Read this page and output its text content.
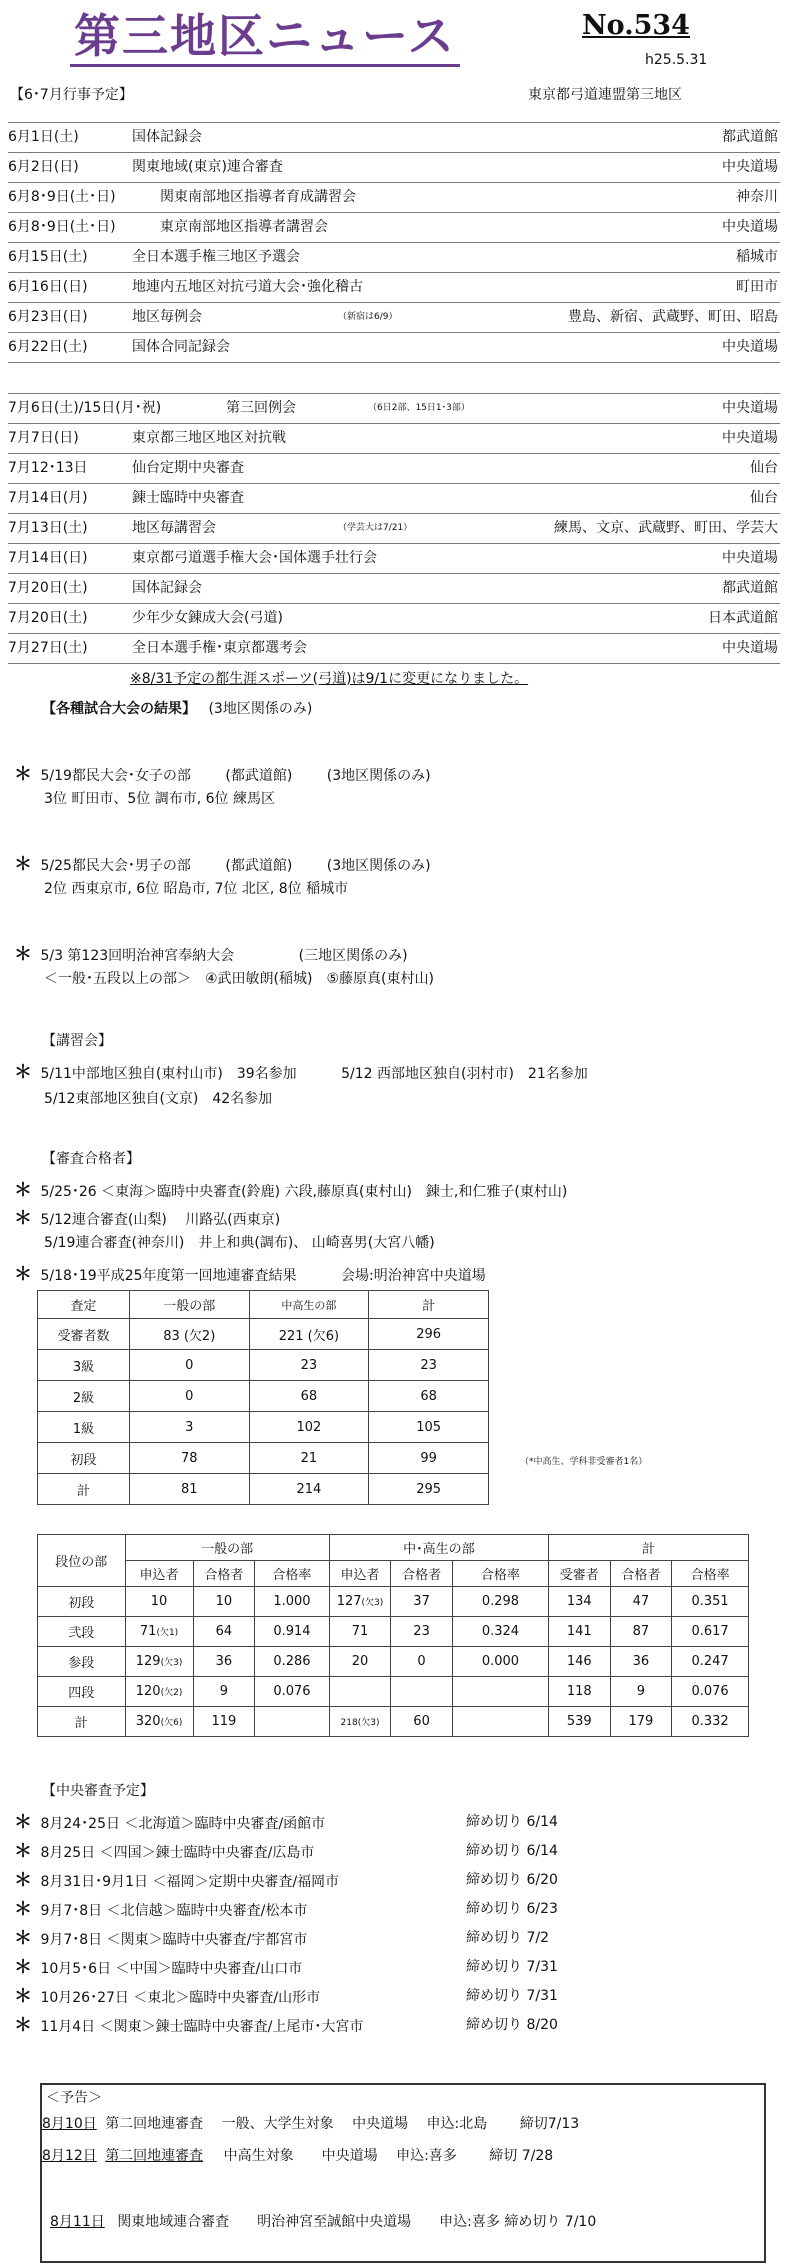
第三地区ニュース	No.534
h25.5.31
【6･7月行事予定】	東京都弓道連盟第三地区
6月1日(土)	国体記録会	都武道館
6月2日(日)	関東地域(東京)連合審査	中央道場
6月8･9日(土･日)	関東南部地区指導者育成講習会	神奈川
6月8･9日(土･日)	東京南部地区指導者講習会	中央道場
6月15日(土)	全日本選手権三地区予選会	稲城市
6月16日(日)	地連内五地区対抗弓道大会･強化稽古	町田市
6月23日(日)	地区毎例会	（新宿は6/9）	豊島、新宿、武蔵野、町田、昭島
6月22日(土)	国体合同記録会	中央道場
7月6日(土)/15日(月･祝)	第三回例会	（6日2部、15日1･3部）	中央道場
7月7日(日)	東京都三地区地区対抗戦	中央道場
7月12･13日	仙台定期中央審査	仙台
7月14日(月)	錬士臨時中央審査	仙台
7月13日(土)	地区毎講習会	（学芸大は7/21）	練馬、文京、武蔵野、町田、学芸大
7月14日(日)	東京都弓道選手権大会･国体選手壮行会	中央道場
7月20日(土)	国体記録会	都武道館
7月20日(土)	少年少女錬成大会(弓道)	日本武道館
7月27日(土)	全日本選手権･東京都選考会	中央道場
※8/31予定の都生涯スポーツ(弓道)は9/1に変更になりました。
【各種試合大会の結果】 (3地区関係のみ)
＊ 5/19都民大会･女子の部 (都武道館) (3地区関係のみ)
3位 町田市、5位 調布市, 6位 練馬区
＊ 5/25都民大会･男子の部 (都武道館) (3地区関係のみ)
2位 西東京市, 6位 昭島市, 7位 北区, 8位 稲城市
＊ 5/3 第123回明治神宮奉納大会	(三地区関係のみ)
＜一般･五段以上の部＞　④武田敏朗(稲城)　⑤藤原真(東村山)
【講習会】
＊ 5/11中部地区独自(東村山市)　39名参加	5/12 西部地区独自(羽村市)　21名参加
5/12東部地区独自(文京)　42名参加
【審査合格者】
＊ 5/25･26 ＜東海＞臨時中央審査(鈴鹿) 六段,藤原真(東村山)　錬士,和仁雅子(東村山)
＊ 5/12連合審査(山梨)　 川路弘(西東京)
5/19連合審査(神奈川)　井上和典(調布)、 山崎喜男(大宮八幡)
＊ 5/18･19平成25年度第一回地連審査結果	会場:明治神宮中央道場
査定	一般の部	中高生の部	計
受審者数	83 (欠2)	221 (欠6)	296
3級	0	23	23
2級	0	68	68
1級	3	102	105
初段	78	21	99
計	81	214	295
（*中高生、学科非受審者1名）
段位の部	一般の部			中･高生の部			計		
	申込者	合格者	合格率	申込者	合格者	合格率	受審者	合格者	合格率
初段	10	10	1.000	127(欠3)	37	0.298	134	47	0.351
弐段	71(欠1)	64	0.914	71	23	0.324	141	87	0.617
参段	129(欠3)	36	0.286	20	0	0.000	146	36	0.247
四段	120(欠2)	9	0.076				118	9	0.076
計	320(欠6)	119		218(欠3)	60		539	179	0.332
【中央審査予定】
＊ 8月24･25日 ＜北海道＞臨時中央審査/函館市	締め切り 6/14
＊ 8月25日 ＜四国＞錬士臨時中央審査/広島市	締め切り 6/14
＊ 8月31日･9月1日 ＜福岡＞定期中央審査/福岡市	締め切り 6/20
＊ 9月7･8日 ＜北信越＞臨時中央審査/松本市	締め切り 6/23
＊ 9月7･8日 ＜関東＞臨時中央審査/宇都宮市	締め切り 7/2
＊ 10月5･6日 ＜中国＞臨時中央審査/山口市	締め切り 7/31
＊ 10月26･27日 ＜東北＞臨時中央審査/山形市	締め切り 7/31
＊ 11月4日 ＜関東＞錬士臨時中央審査/上尾市･大宮市	締め切り 8/20
＜予告＞
8月10日 第二回地連審査　 一般、大学生対象　 中央道場　 申込:北島　　 締切7/13
8月12日 第二回地連審査 中高生対象　　中央道場　 申込:喜多　　 締切 7/28
8月11日 関東地域連合審査　　明治神宮至誠館中央道場　　申込:喜多 締め切り 7/10
